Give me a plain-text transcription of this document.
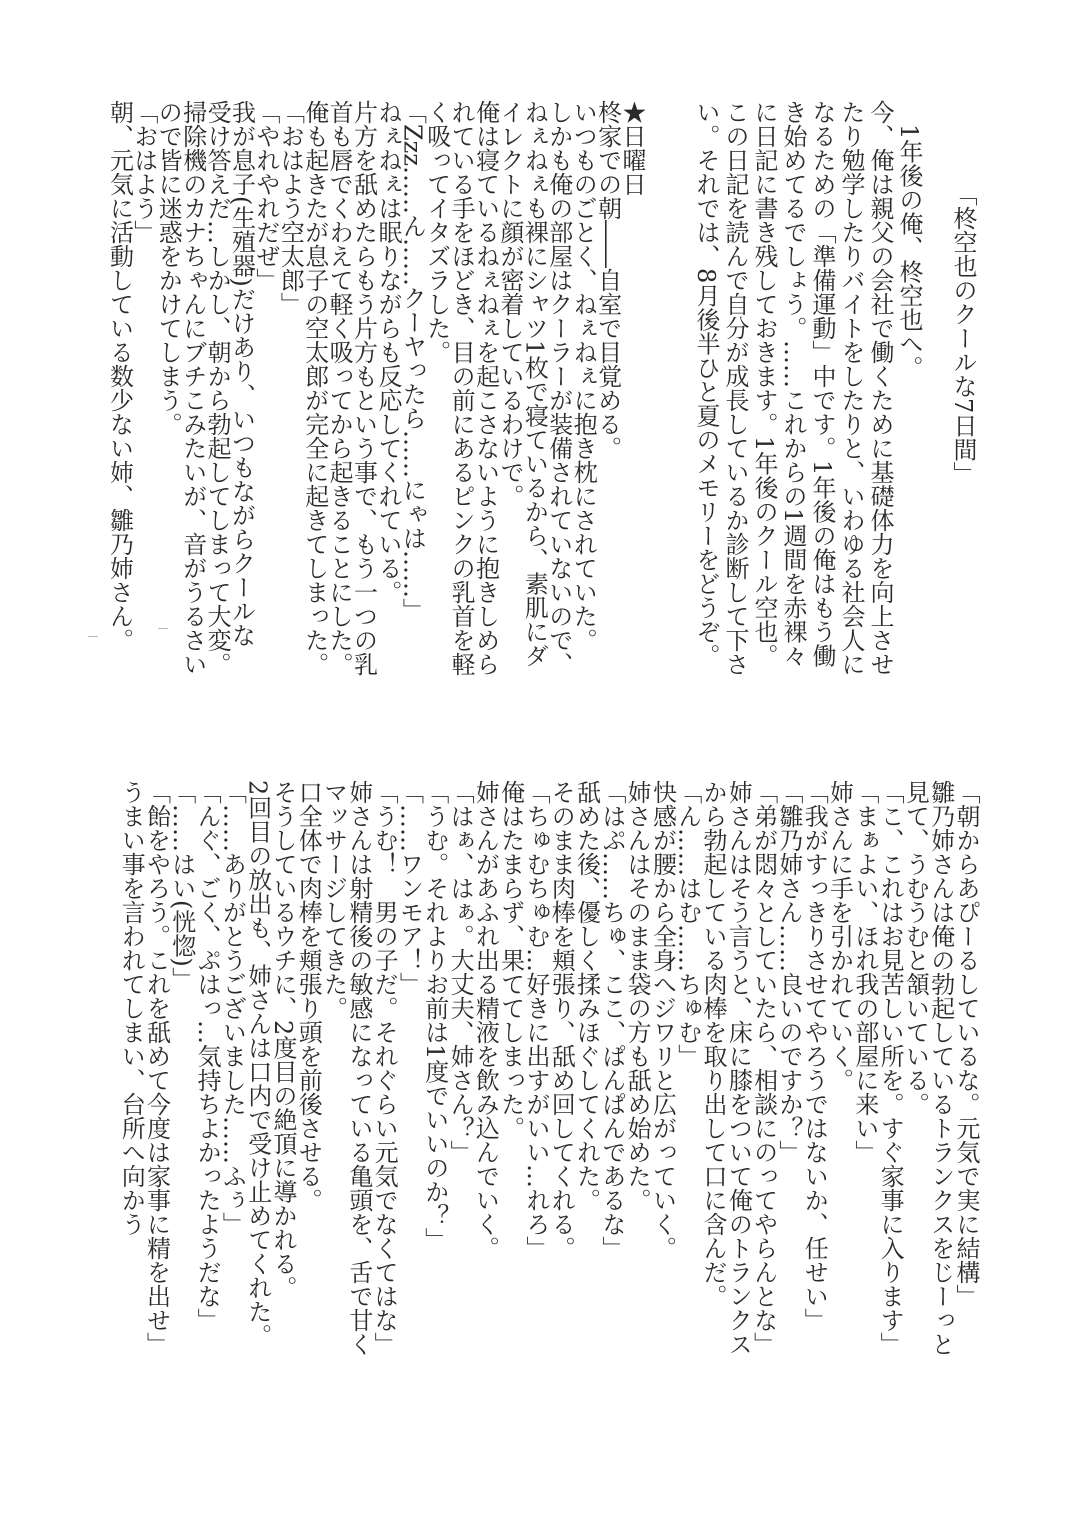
「柊空也のクールな7日間」
　1年後の俺、柊空也へ。
今、俺は親父の会社で働くために基礎体力を向上させ
たり勉学したりバイトをしたりと、いわゆる社会人に
なるための「準備運動」中です。1年後の俺はもう働
き始めてるでしょう。……これからの1週間を赤裸々
に日記に書き残しておきます。1年後のクール空也。
この日記を読んで自分が成長しているか診断して下さ
い。それでは、8月後半ひと夏のメモリーをどうぞ。
★日曜日
柊家での朝――自室で目覚める。
いつものごとく、ねぇねぇに抱き枕にされていた。
しかも俺の部屋はクーラーが装備されていないので、
ねぇねぇも裸にシャツ1枚で寝ているから、素肌にダ
イレクトに顔が密着しているわけで。
俺は寝ているねぇねぇを起こさないように抱きしめら
れている手をほどき、目の前にあるピンクの乳首を軽
く吸ってイタズラした。
「Zzz……ん……クーヤったら……にゃは……」
ねぇねぇは眠りながらも反応してくれている。
片方を舐めたらもう片方もという事で、もう一つの乳
首も唇でくわえて軽く吸ってから起きることにした。
俺も起きたが息子の空太郎が完全に起きてしまった。
「おはよう空太郎」
「やれやれだぜ」
我が息子(生殖器)だけあり、いつもながらクールな
受け答えだ…しかし、朝から勃起してしまって大変。
掃除機のカナちゃんにブチこみたいが、音がうるさい
ので皆に迷惑をかけてしまう。
「おはよう」
朝、元気に活動している数少ない姉、雛乃姉さん。
「朝からあぴーるしているな。元気で実に結構」
雛乃姉さんは俺の勃起しているトランクスをじーっと
見て、うむうむと頷いている。
「こ、これはお見苦しい所を。すぐ家事に入ります」
「まぁよい、ほれ我の部屋に来い」
姉さんに手を引かれていく。
「我がすっきりさせてやろうではないか、任せい」
「雛乃姉さん……良いのですか？」
「弟が悶々としていたら、相談にのってやらんとな」
姉さんはそう言うと、床に膝をついて俺のトランクス
から勃起している肉棒を取り出して口に含んだ。
「ん……はむ……ちゅむ」
快感が腰から全身へジワリと広がっていく。
姉さんはそのまま袋の方も舐め始めた。
「はぷ……ちゅ、ここ、ぱんぱんであるな」
舐めた後、優しく揉みほぐしてくれた。
そのまま肉棒を頬張り、舐め回してくれる。
「ちゅむちゅむ…好きに出すがいい…れろ」
俺はたまらず、果ててしまった。
姉さんがあふれ出る精液を飲み込んでいく。
「はぁ、はぁ。大丈夫、姉さん？」
「うむ。それよりお前は1度でいいのか？」
「……ワンモア！」
「うむ！　男の子だ。それぐらい元気でなくてはな」
姉さんは射精後の敏感になっている亀頭を、舌で甘く
マッサージしてきた。
口全体で肉棒を頬張り頭を前後させる。
そうしているウチに、2度目の絶頂に導かれる。
2回目の放出も、姉さんは口内で受け止めてくれた。
「……ありがとうございました……ふぅ」
「んぐ、ごく、ぷはっ…気持ちよかったようだな」
「……はい(恍惚)」
「飴をやろう。これを舐めて今度は家事に精を出せ」
うまい事を言われてしまい、台所へ向かう
